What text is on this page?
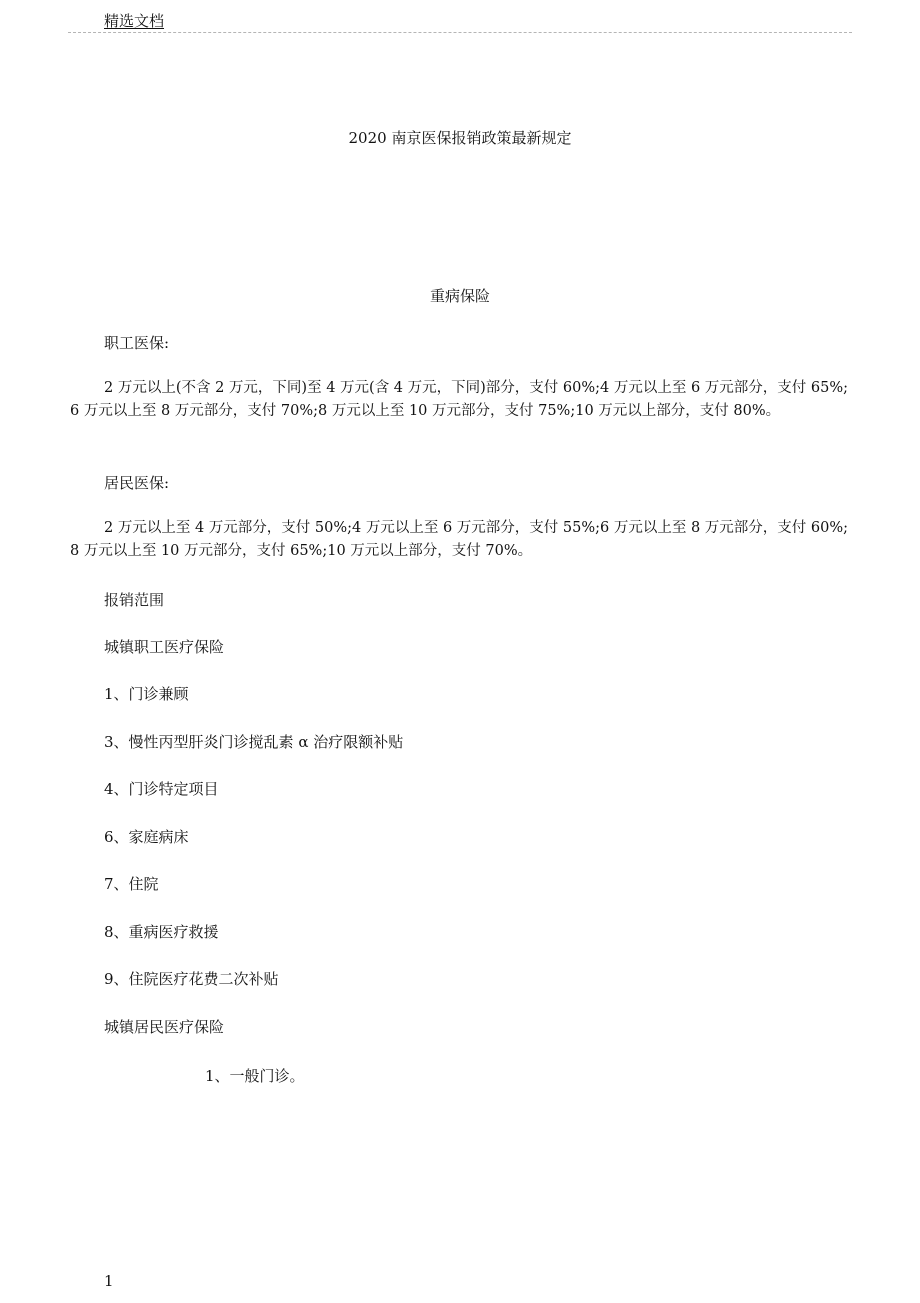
精选文档
2020 南京医保报销政策最新规定
重病保险
职工医保:
2 万元以上(不含 2 万元，下同)至 4 万元(含 4 万元，下同)部分，支付 60%;4 万元以上至 6 万元部分，支付 65%;6 万元以上至 8 万元部分，支付 70%;8 万元以上至 10 万元部分，支付 75%;10 万元以上部分，支付 80%。
居民医保:
2 万元以上至 4 万元部分，支付 50%;4 万元以上至 6 万元部分，支付 55%;6 万元以上至 8 万元部分，支付 60%;8 万元以上至 10 万元部分，支付 65%;10 万元以上部分，支付 70%。
报销范围
城镇职工医疗保险
1、门诊兼顾
3、慢性丙型肝炎门诊搅乱素 α 治疗限额补贴
4、门诊特定项目
6、家庭病床
7、住院
8、重病医疗救援
9、住院医疗花费二次补贴
城镇居民医疗保险
1、一般门诊。
1
